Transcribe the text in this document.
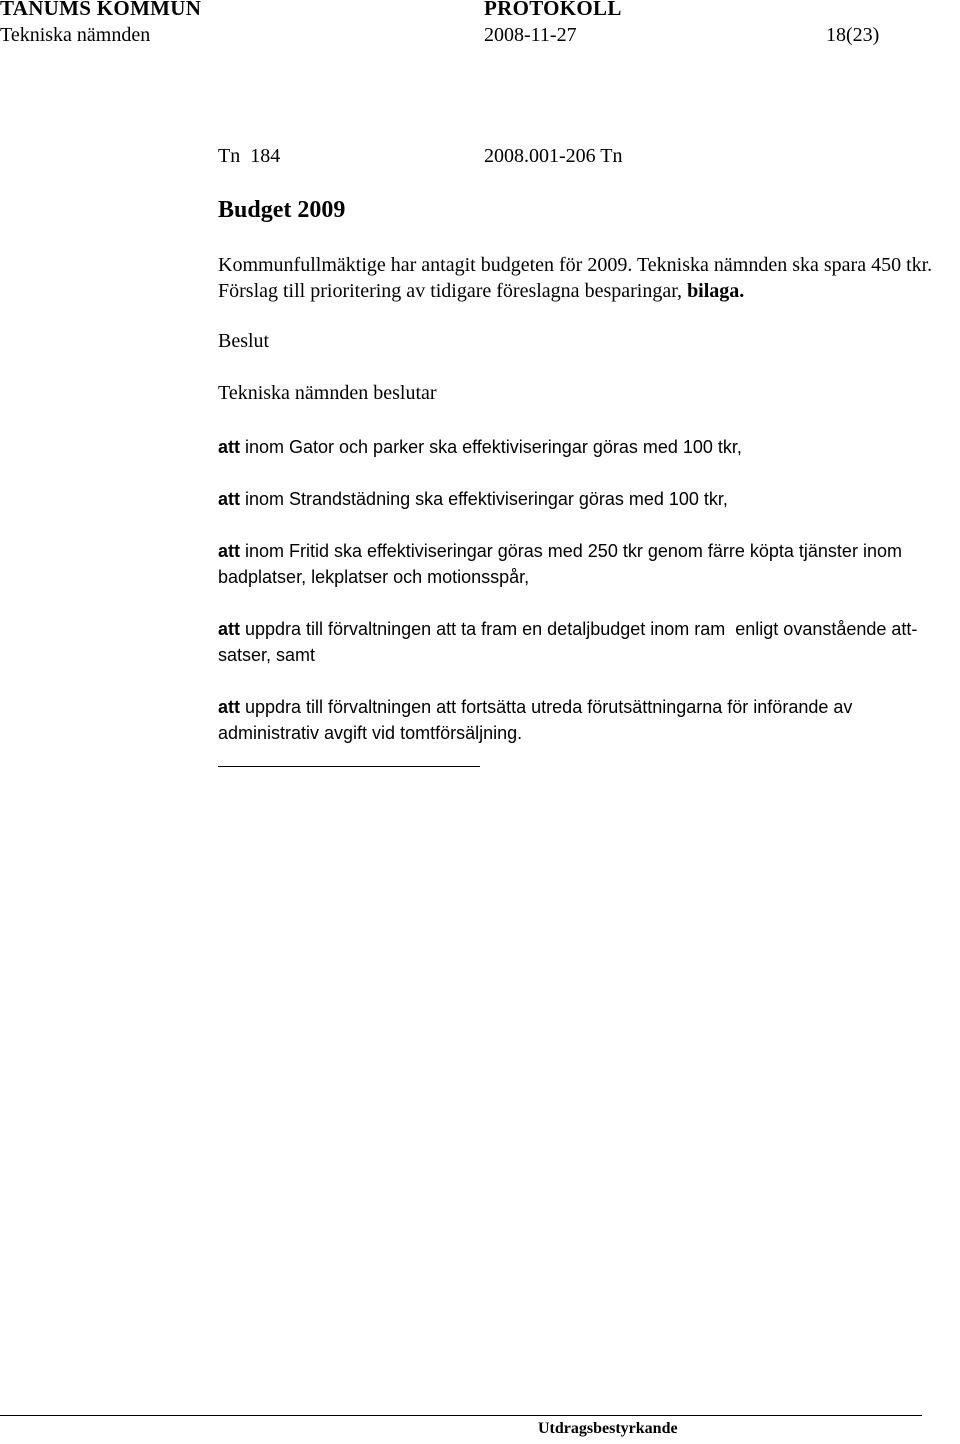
TANUMS KOMMUN	PROTOKOLL
Tekniska nämnden	2008-11-27	18(23)
Tn  184	2008.001-206 Tn
Budget 2009
Kommunfullmäktige har antagit budgeten för 2009. Tekniska nämnden ska spara 450 tkr. Förslag till prioritering av tidigare föreslagna besparingar, bilaga.
Beslut
Tekniska nämnden beslutar
att inom Gator och parker ska effektiviseringar göras med 100 tkr,
att inom Strandstädning ska effektiviseringar göras med 100 tkr,
att inom Fritid ska effektiviseringar göras med 250 tkr genom färre köpta tjänster inom badplatser, lekplatser och motionsspår,
att uppdra till förvaltningen att ta fram en detaljbudget inom ram  enligt ovanstående att-satser, samt
att uppdra till förvaltningen att fortsätta utreda förutsättningarna för införande av administrativ avgift vid tomtförsäljning.
Utdragsbestyrkande
